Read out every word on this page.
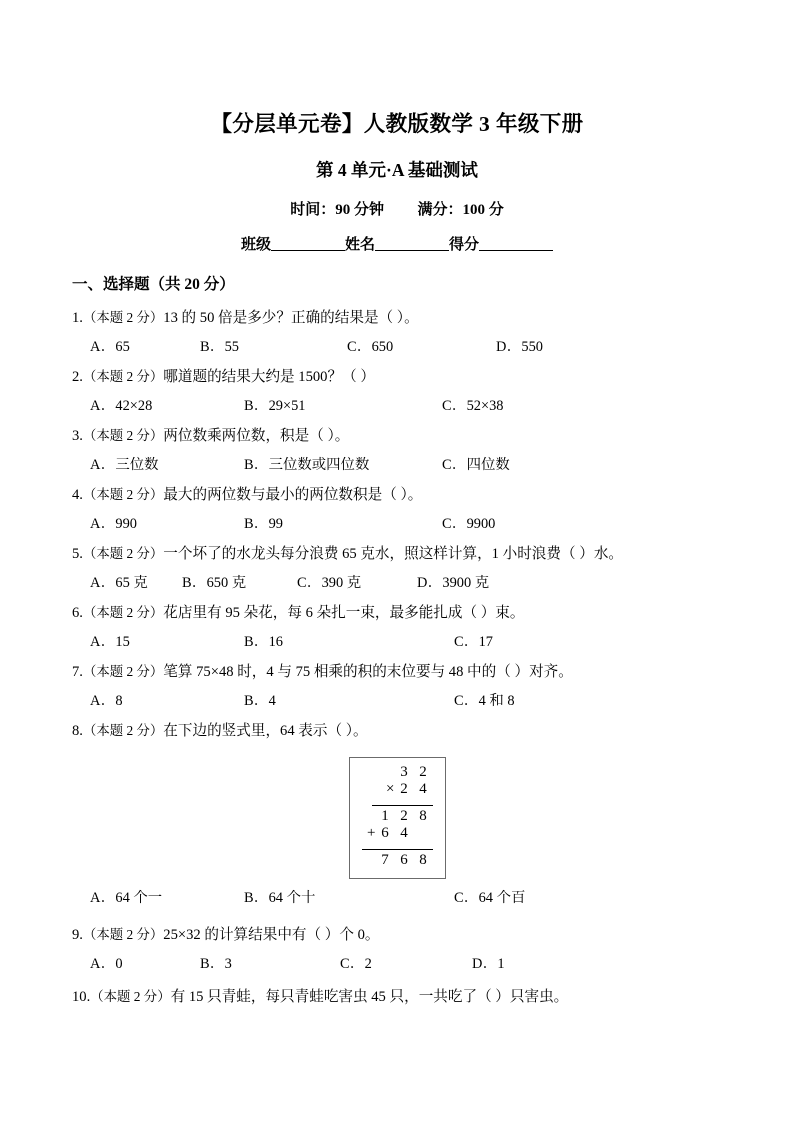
【分层单元卷】人教版数学 3 年级下册
第 4 单元·A 基础测试
时间：90 分钟 满分：100 分
班级	姓名	得分
一、选择题（共 20 分）
1.（本题 2 分）13 的 50 倍是多少？正确的结果是（ ）。
A．65	B．55	C．650	D．550
2.（本题 2 分）哪道题的结果大约是 1500？（ ）
A．42×28	B．29×51	C．52×38
3.（本题 2 分）两位数乘两位数，积是（ ）。
A．三位数	B．三位数或四位数	C．四位数
4.（本题 2 分）最大的两位数与最小的两位数积是（ ）。
A．990	B．99	C．9900
5.（本题 2 分）一个坏了的水龙头每分浪费 65 克水，照这样计算，1 小时浪费（ ）水。
A．65 克 B．650 克	C．390 克	D．3900 克
6.（本题 2 分）花店里有 95 朵花，每 6 朵扎一束，最多能扎成（ ）束。
A．15	B．16	C．17
7.（本题 2 分）笔算 75×48 时，4 与 75 相乘的积的末位要与 48 中的（ ）对齐。
A．8	B．4	C．4 和 8
8.（本题 2 分）在下边的竖式里，64 表示（ ）。
3 2
× 2 4
1 2 8
+ 6 4
7 6 8
A．64 个一	B．64 个十	C．64 个百
9.（本题 2 分）25×32 的计算结果中有（ ）个 0。
A．0	B．3	C．2	D．1
10.（本题 2 分）有 15 只青蛙，每只青蛙吃害虫 45 只，一共吃了（ ）只害虫。
